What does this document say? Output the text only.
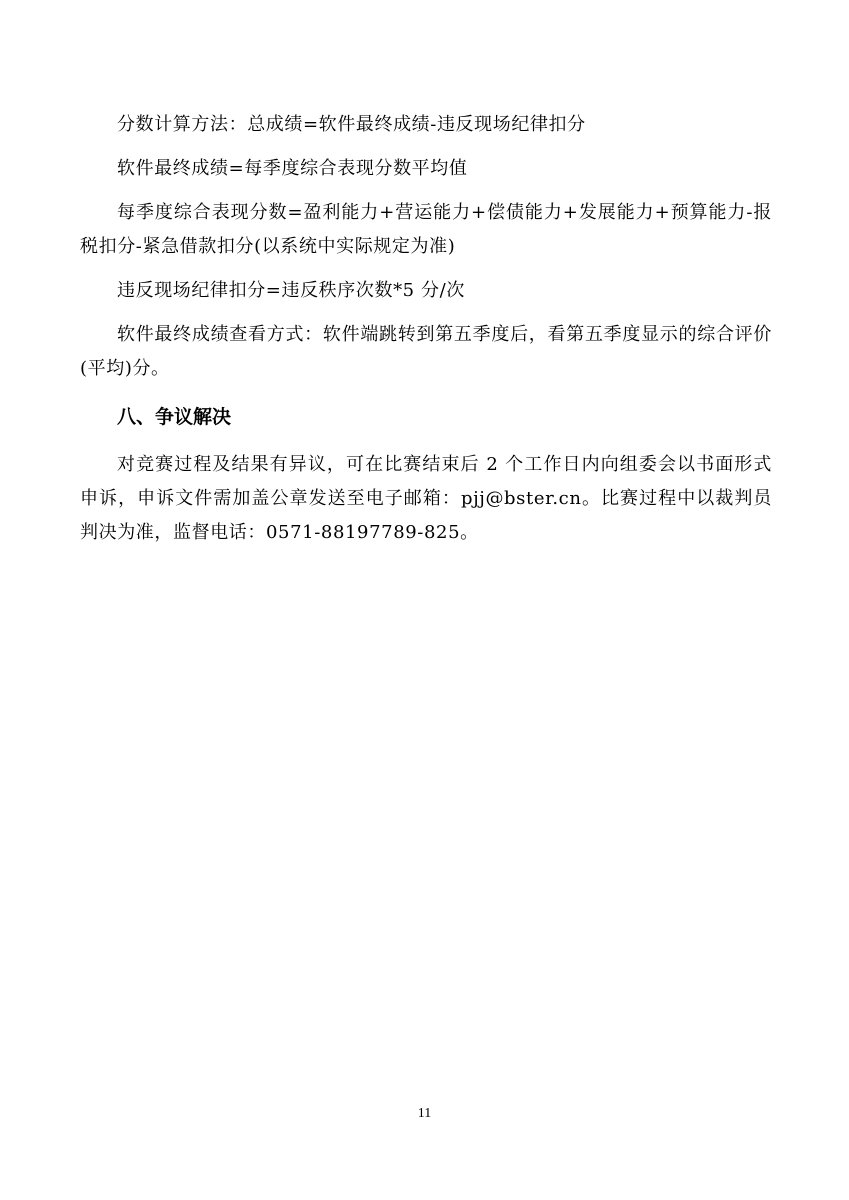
分数计算方法：总成绩=软件最终成绩-违反现场纪律扣分

软件最终成绩=每季度综合表现分数平均值

每季度综合表现分数=盈利能力+营运能力+偿债能力+发展能力+预算能力-报税扣分-紧急借款扣分(以系统中实际规定为准)

违反现场纪律扣分=违反秩序次数*5 分/次

软件最终成绩查看方式：软件端跳转到第五季度后，看第五季度显示的综合评价(平均)分。

八、争议解决

对竞赛过程及结果有异议，可在比赛结束后 2 个工作日内向组委会以书面形式申诉，申诉文件需加盖公章发送至电子邮箱：pjj@bster.cn。比赛过程中以裁判员判决为准，监督电话：0571-88197789-825。

11
